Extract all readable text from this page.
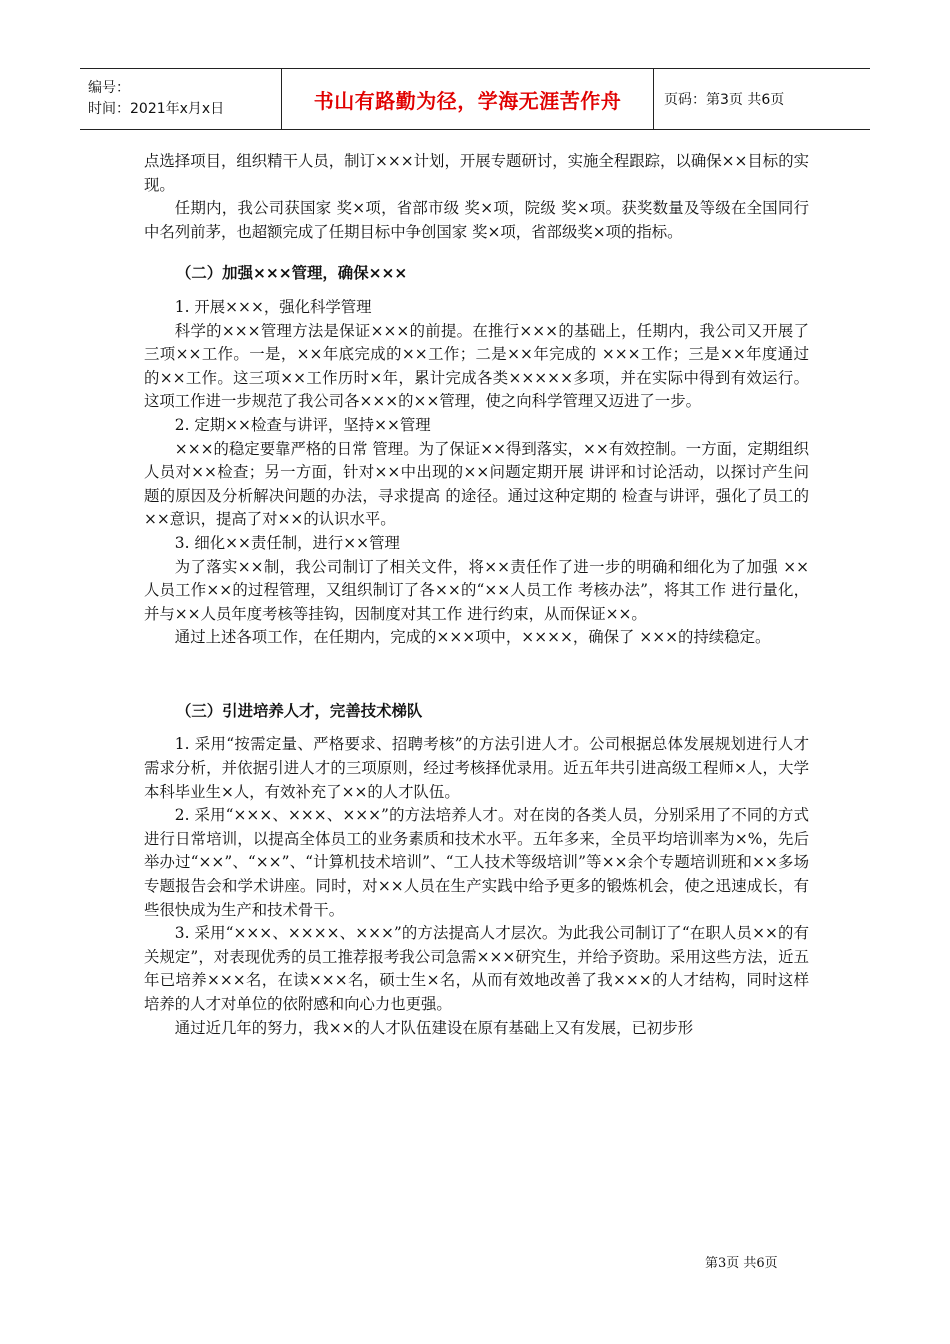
编号：
时间：2021年x月x日	书山有路勤为径，学海无涯苦作舟	页码：第3页 共6页

点选择项目，组织精干人员，制订×××计划，开展专题研讨，实施全程跟踪，以确保××目标的实现。

任期内，我公司获国家 奖×项，省部市级 奖×项，院级 奖×项。获奖数量及等级在全国同行中名列前茅，也超额完成了任期目标中争创国家 奖×项，省部级奖×项的指标。

（二）加强×××管理，确保×××

1. 开展×××，强化科学管理

科学的×××管理方法是保证×××的前提。在推行×××的基础上，任期内，我公司又开展了三项××工作。一是，××年底完成的××工作；二是××年完成的 ×××工作；三是××年度通过的××工作。这三项××工作历时×年，累计完成各类×××××多项，并在实际中得到有效运行。这项工作进一步规范了我公司各×××的××管理，使之向科学管理又迈进了一步。

2. 定期××检查与讲评，坚持××管理

×××的稳定要靠严格的日常 管理。为了保证××得到落实，××有效控制。一方面，定期组织人员对××检查；另一方面，针对××中出现的××问题定期开展 讲评和讨论活动，以探讨产生问题的原因及分析解决问题的办法，寻求提高 的途径。通过这种定期的 检查与讲评，强化了员工的××意识，提高了对××的认识水平。

3. 细化××责任制，进行××管理

为了落实××制，我公司制订了相关文件，将××责任作了进一步的明确和细化为了加强 ××人员工作××的过程管理，又组织制订了各××的“××人员工作 考核办法”，将其工作 进行量化，并与××人员年度考核等挂钩，因制度对其工作 进行约束，从而保证××。

通过上述各项工作，在任期内，完成的×××项中，××××，确保了 ×××的持续稳定。

（三）引进培养人才，完善技术梯队

1. 采用“按需定量、严格要求、招聘考核”的方法引进人才。公司根据总体发展规划进行人才需求分析，并依据引进人才的三项原则，经过考核择优录用。近五年共引进高级工程师×人，大学本科毕业生×人，有效补充了××的人才队伍。

2. 采用“×××、×××、×××”的方法培养人才。对在岗的各类人员，分别采用了不同的方式进行日常培训，以提高全体员工的业务素质和技术水平。五年多来，全员平均培训率为×%，先后举办过“××”、“××”、“计算机技术培训”、“工人技术等级培训”等××余个专题培训班和××多场专题报告会和学术讲座。同时，对××人员在生产实践中给予更多的锻炼机会，使之迅速成长，有些很快成为生产和技术骨干。

3. 采用“×××、××××、×××”的方法提高人才层次。为此我公司制订了“在职人员××的有关规定”，对表现优秀的员工推荐报考我公司急需×××研究生，并给予资助。采用这些方法，近五年已培养×××名，在读×××名，硕士生×名，从而有效地改善了我×××的人才结构，同时这样培养的人才对单位的依附感和向心力也更强。

通过近几年的努力，我××的人才队伍建设在原有基础上又有发展，已初步形

第3页 共6页
